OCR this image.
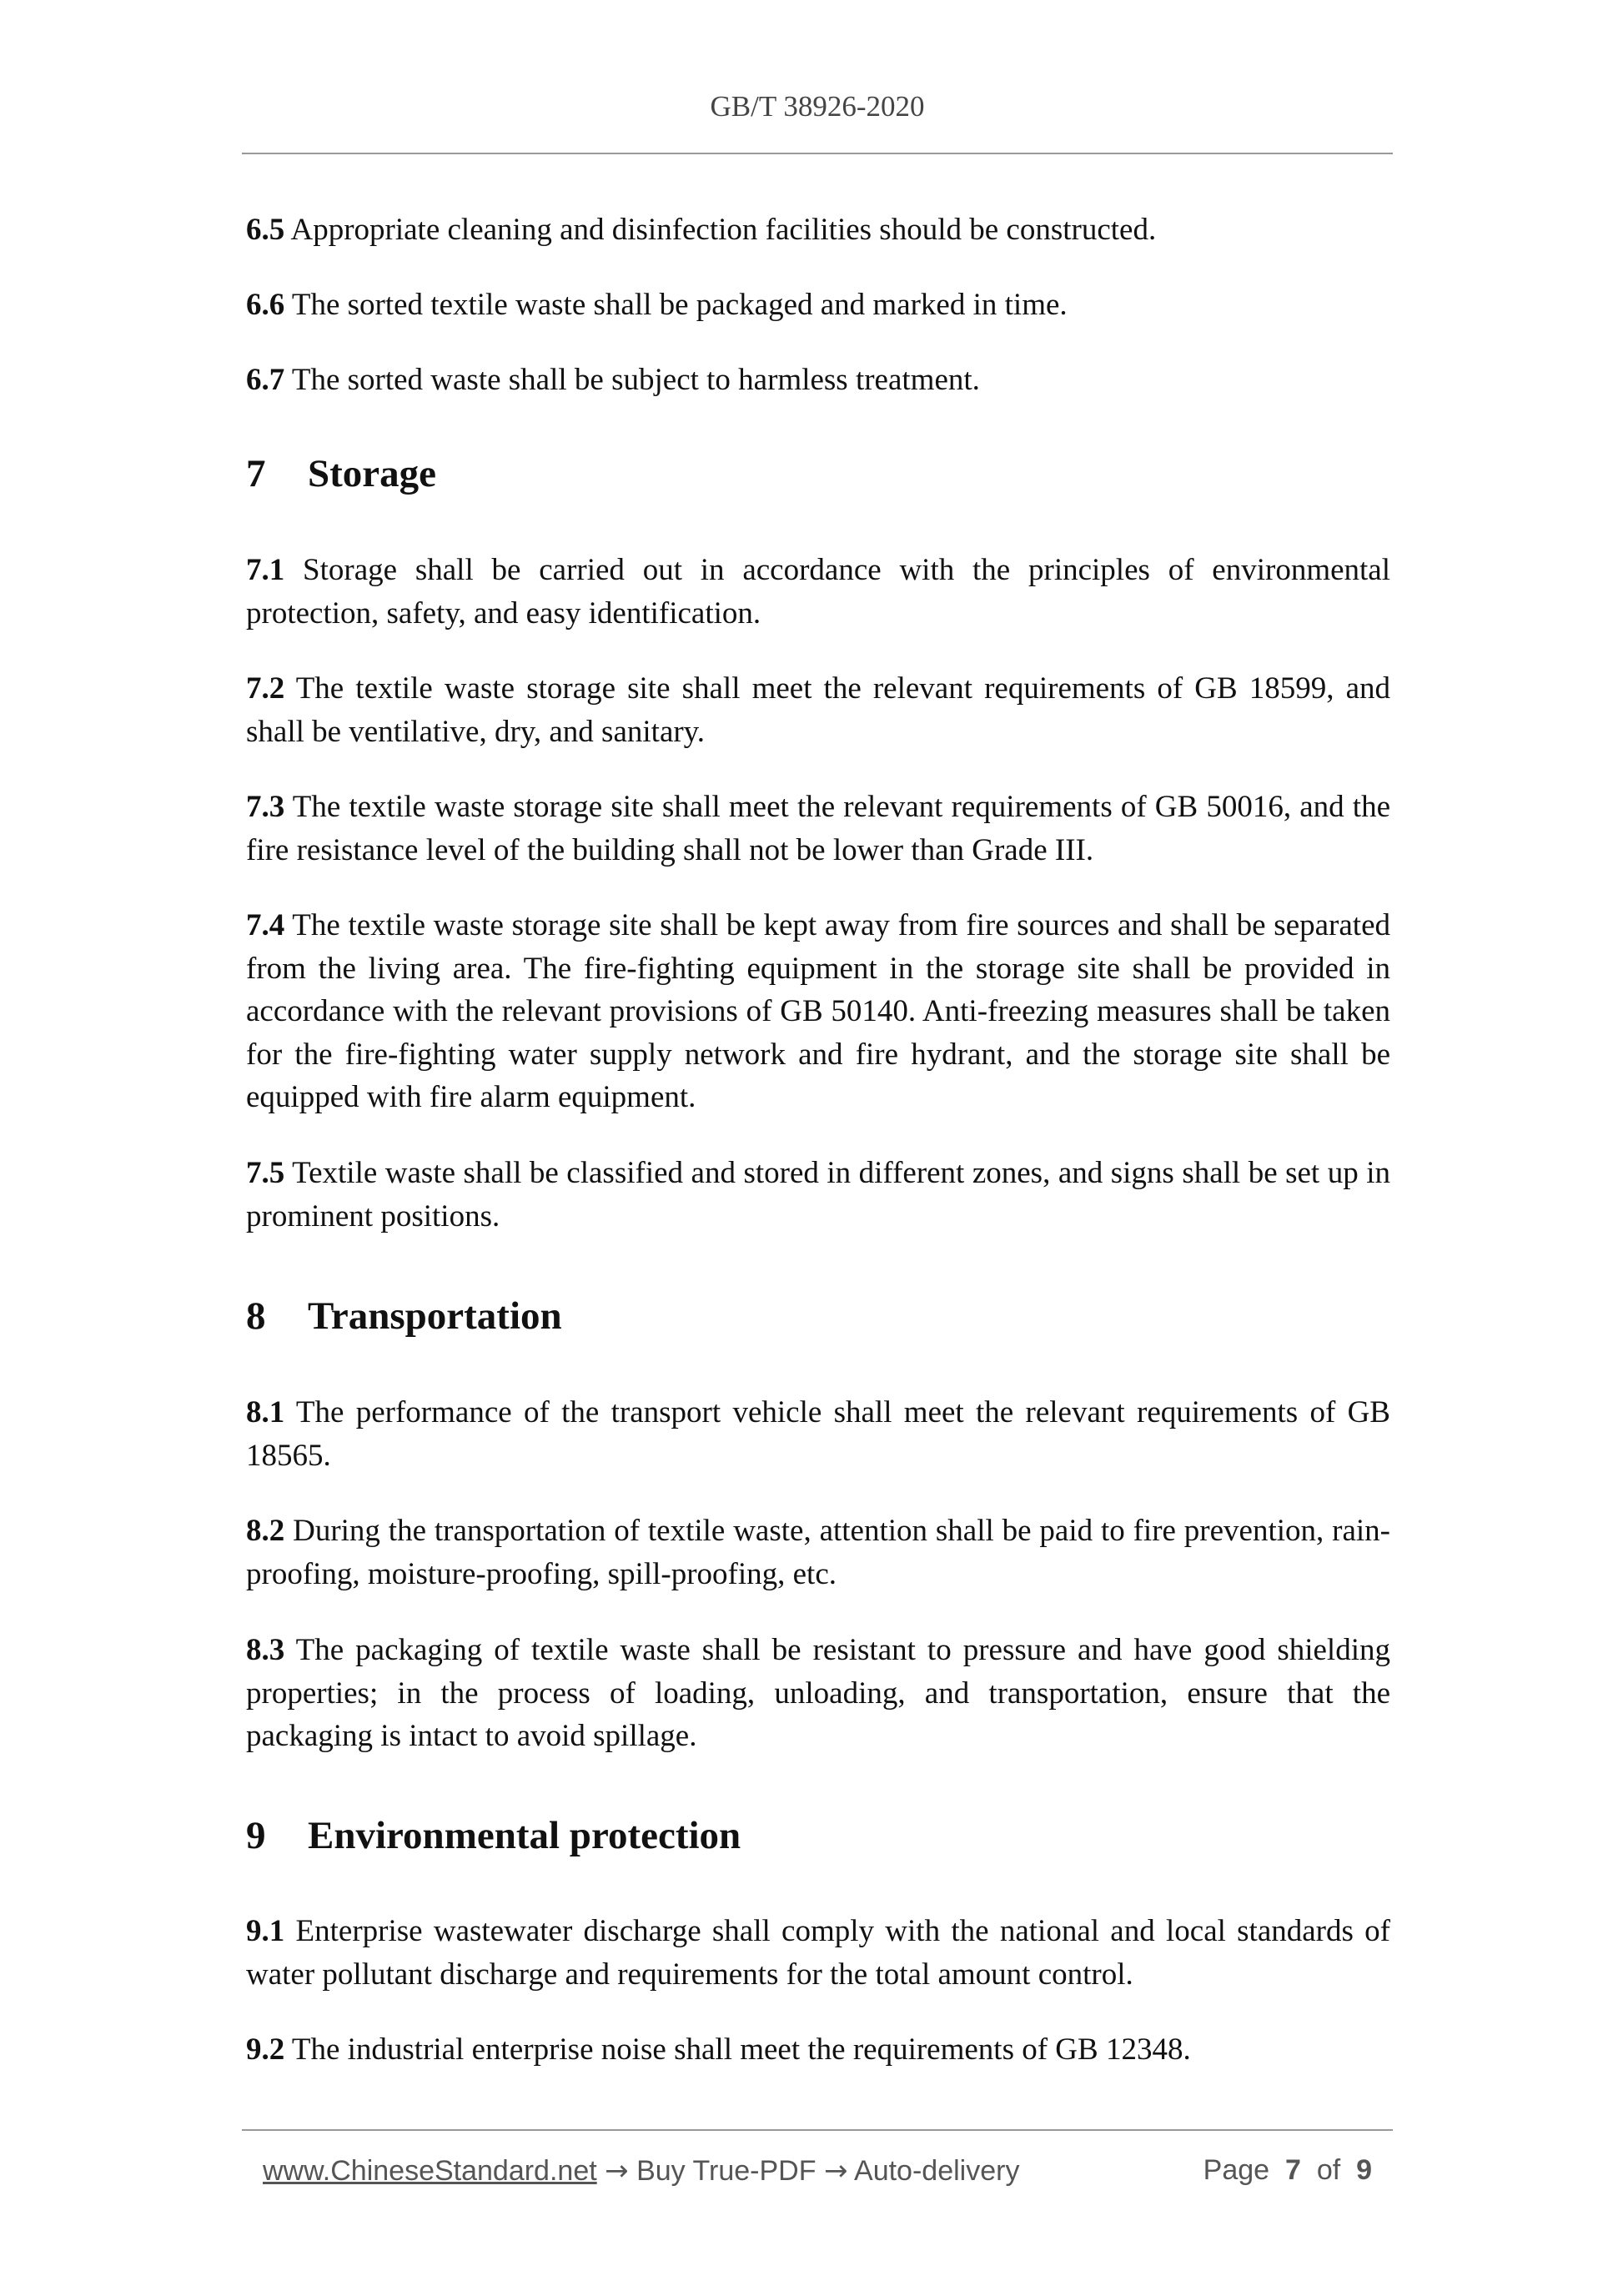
GB/T 38926-2020
6.5 Appropriate cleaning and disinfection facilities should be constructed.
6.6 The sorted textile waste shall be packaged and marked in time.
6.7 The sorted waste shall be subject to harmless treatment.
7 Storage
7.1 Storage shall be carried out in accordance with the principles of environmental protection, safety, and easy identification.
7.2 The textile waste storage site shall meet the relevant requirements of GB 18599, and shall be ventilative, dry, and sanitary.
7.3 The textile waste storage site shall meet the relevant requirements of GB 50016, and the fire resistance level of the building shall not be lower than Grade III.
7.4 The textile waste storage site shall be kept away from fire sources and shall be separated from the living area. The fire-fighting equipment in the storage site shall be provided in accordance with the relevant provisions of GB 50140. Anti-freezing measures shall be taken for the fire-fighting water supply network and fire hydrant, and the storage site shall be equipped with fire alarm equipment.
7.5 Textile waste shall be classified and stored in different zones, and signs shall be set up in prominent positions.
8 Transportation
8.1 The performance of the transport vehicle shall meet the relevant requirements of GB 18565.
8.2 During the transportation of textile waste, attention shall be paid to fire prevention, rain-proofing, moisture-proofing, spill-proofing, etc.
8.3 The packaging of textile waste shall be resistant to pressure and have good shielding properties; in the process of loading, unloading, and transportation, ensure that the packaging is intact to avoid spillage.
9 Environmental protection
9.1 Enterprise wastewater discharge shall comply with the national and local standards of water pollutant discharge and requirements for the total amount control.
9.2 The industrial enterprise noise shall meet the requirements of GB 12348.
www.ChineseStandard.net → Buy True-PDF → Auto-delivery	Page 7 of 9
